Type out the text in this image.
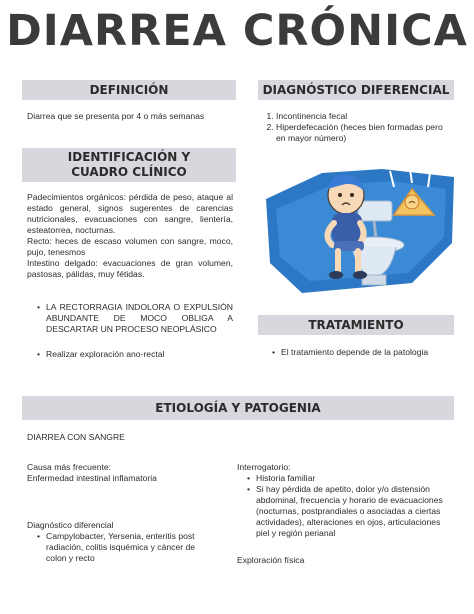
DIARREA CRÓNICA
DEFINICIÓN
Diarrea que se presenta por 4 o más semanas
DIAGNÓSTICO DIFERENCIAL
1. Incontinencia fecal
2. Hiperdefecación (heces bien formadas pero en mayor número)
IDENTIFICACIÓN Y CUADRO CLÍNICO
Padecimientos orgánicos: pérdida de peso, ataque al estado general, signos sugerentes de carencias nutricionales, evacuaciones con sangre, lientería, esteatorrea, nocturnas.
Recto: heces de escaso volumen con sangre, moco, pujo, tenesmos
Intestino delgado: evacuaciones de gran volumen, pastosas, pálidas, muy fétidas.
• LA RECTORRAGIA INDOLORA O EXPULSIÓN ABUNDANTE DE MOCO OBLIGA A DESCARTAR UN PROCESO NEOPLÁSICO
• Realizar exploración ano-rectal
TRATAMIENTO
• El tratamiento depende de la patologia
ETIOLOGÍA Y PATOGENIA
DIARREA CON SANGRE
Causa más frecuente:
Enfermedad intestinal inflamatoria
Diagnóstico diferencial
• Campylobacter, Yersenia, enteritis post radiación, colitis isquémica y cáncer de colon y recto
Interrogatorio:
• Historia familiar
• Si hay pérdida de apetito, dolor y/o distensión abdominal, frecuencia y horario de evacuaciones (nocturnas, postprandiales o asociadas a ciertas actividades), alteraciones en ojos, articulaciones piel y región perianal
Exploración física
